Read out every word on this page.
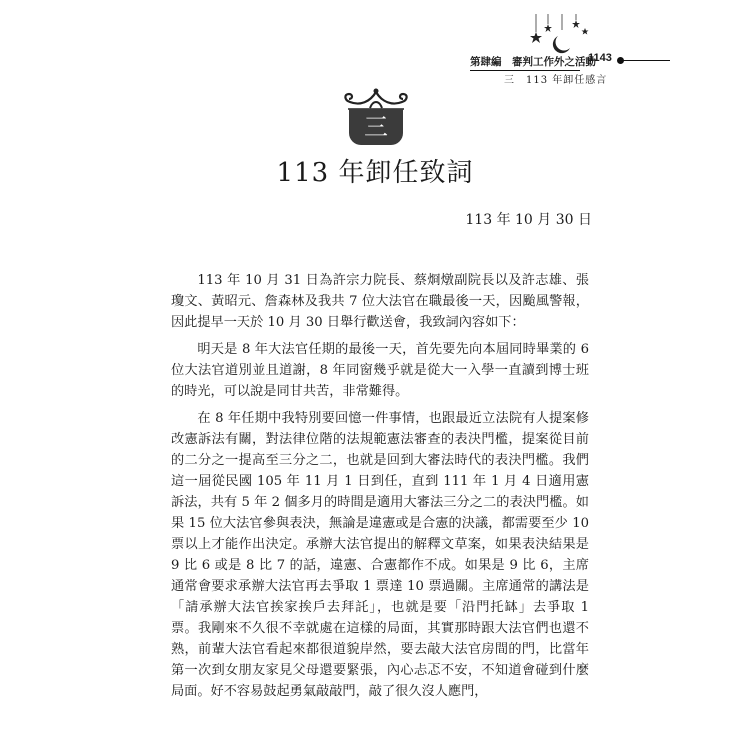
第肆編　審判工作外之活動
1143
三　113 年卸任感言
三
113 年卸任致詞
113 年 10 月 30 日

113 年 10 月 31 日為許宗力院長、蔡烱燉副院長以及許志雄、張瓊文、黃昭元、詹森林及我共 7 位大法官在職最後一天，因颱風警報，因此提早一天於 10 月 30 日舉行歡送會，我致詞內容如下：

明天是 8 年大法官任期的最後一天，首先要先向本屆同時畢業的 6 位大法官道別並且道謝，8 年同窗幾乎就是從大一入學一直讀到博士班的時光，可以說是同甘共苦，非常難得。

在 8 年任期中我特別要回憶一件事情，也跟最近立法院有人提案修改憲訴法有關，對法律位階的法規範憲法審查的表決門檻，提案從目前的二分之一提高至三分之二，也就是回到大審法時代的表決門檻。我們這一屆從民國 105 年 11 月 1 日到任，直到 111 年 1 月 4 日適用憲訴法，共有 5 年 2 個多月的時間是適用大審法三分之二的表決門檻。如果 15 位大法官參與表決，無論是違憲或是合憲的決議，都需要至少 10 票以上才能作出決定。承辦大法官提出的解釋文草案，如果表決結果是 9 比 6 或是 8 比 7 的話，違憲、合憲都作不成。如果是 9 比 6，主席通常會要求承辦大法官再去爭取 1 票達 10 票過關。主席通常的講法是「請承辦大法官挨家挨戶去拜託」，也就是要「沿門托缽」去爭取 1 票。我剛來不久很不幸就處在這樣的局面，其實那時跟大法官們也還不熟，前輩大法官看起來都很道貌岸然，要去敲大法官房間的門，比當年第一次到女朋友家見父母還要緊張，內心忐忑不安，不知道會碰到什麼局面。好不容易鼓起勇氣敲敲門，敲了很久沒人應門，
